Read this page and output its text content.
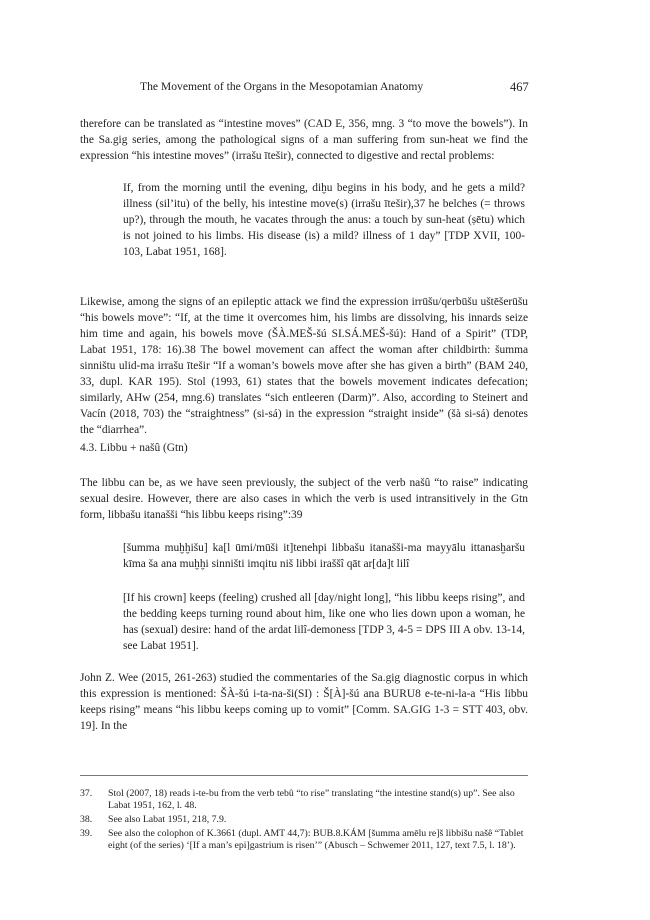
The Movement of the Organs in the Mesopotamian Anatomy	467

therefore can be translated as “intestine moves” (CAD E, 356, mng. 3 “to move the bowels”). In the Sa.gig series, among the pathological signs of a man suffering from sun-heat we find the expression “his intestine moves” (irrašu ītešir), connected to digestive and rectal problems:

If, from the morning until the evening, diḫu begins in his body, and he gets a mild? illness (sil’itu) of the belly, his intestine move(s) (irrašu ītešir),37 he belches (= throws up?), through the mouth, he vacates through the anus: a touch by sun-heat (ṣētu) which is not joined to his limbs. His disease (is) a mild? illness of 1 day” [TDP XVII, 100-103, Labat 1951, 168].

Likewise, among the signs of an epileptic attack we find the expression irrūšu/qerbūšu uštēšerūšu “his bowels move”: “If, at the time it overcomes him, his limbs are dissolving, his innards seize him time and again, his bowels move (ŠÀ.MEŠ-šú SI.SÁ.MEŠ-šú): Hand of a Spirit” (TDP, Labat 1951, 178: 16).38 The bowel movement can affect the woman after childbirth: šumma sinništu ulid-ma irrašu ītešir “If a woman’s bowels move after she has given a birth” (BAM 240, 33, dupl. KAR 195). Stol (1993, 61) states that the bowels movement indicates defecation; similarly, AHw (254, mng.6) translates “sich entleeren (Darm)”. Also, according to Steinert and Vacín (2018, 703) the “straightness” (si-sá) in the expression “straight inside” (šà si-sá) denotes the “diarrhea”.

4.3. Libbu + našû (Gtn)

The libbu can be, as we have seen previously, the subject of the verb našû “to raise” indicating sexual desire. However, there are also cases in which the verb is used intransitively in the Gtn form, libbašu itanašši “his libbu keeps rising”:39

[šumma muḫḫišu] ka[l ūmi/mūši it]tenehpi libbašu itanašši-ma mayyālu ittanasḫaršu kīma ša ana muḫḫi sinništi imqitu niš libbi iraššî qāt ar[da]t lilî

[If his crown] keeps (feeling) crushed all [day/night long], “his libbu keeps rising”, and the bedding keeps turning round about him, like one who lies down upon a woman, he has (sexual) desire: hand of the ardat lilî-demoness [TDP 3, 4-5 = DPS III A obv. 13-14, see Labat 1951].

John Z. Wee (2015, 261-263) studied the commentaries of the Sa.gig diagnostic corpus in which this expression is mentioned: ŠÀ-šú i-ta-na-ši(SI) : Š[À]-šú ana BURU8 e-te-ni-la-a “His libbu keeps rising” means “his libbu keeps coming up to vomit” [Comm. SA.GIG 1-3 = STT 403, obv. 19]. In the

37. Stol (2007, 18) reads i-te-bu from the verb tebû “to rise” translating “the intestine stand(s) up”. See also Labat 1951, 162, l. 48.
38. See also Labat 1951, 218, 7.9.
39. See also the colophon of K.3661 (dupl. AMT 44,7): BUB.8.KÁM [šumma amēlu re]š libbišu našê “Tablet eight (of the series) ‘[If a man’s epi]gastrium is risen’” (Abusch – Schwemer 2011, 127, text 7.5, l. 18’).
